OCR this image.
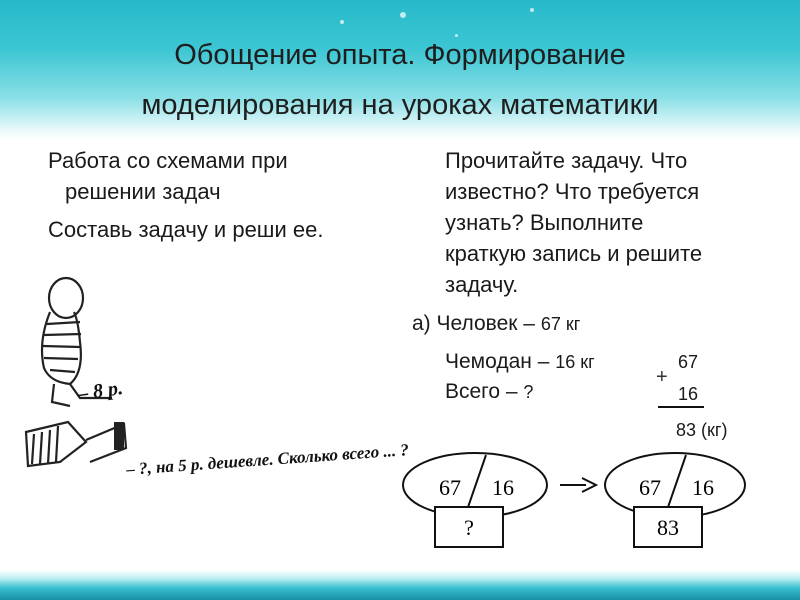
Обощение опыта. Формирование
моделирования на уроках математики

Работа со схемами при

решении задач

Составь задачу и реши ее.

Прочитайте задачу. Что
известно? Что требуется
узнать? Выполните
краткую запись и решите
задачу.
а) Человек – 67 кг
Чемодан – 16 кг
Всего – ?
67
+
16
83 (кг)
– 8 р.
– ?, на 5 р. дешевле. Сколько всего ... ?
67 16
?
67 16
83
